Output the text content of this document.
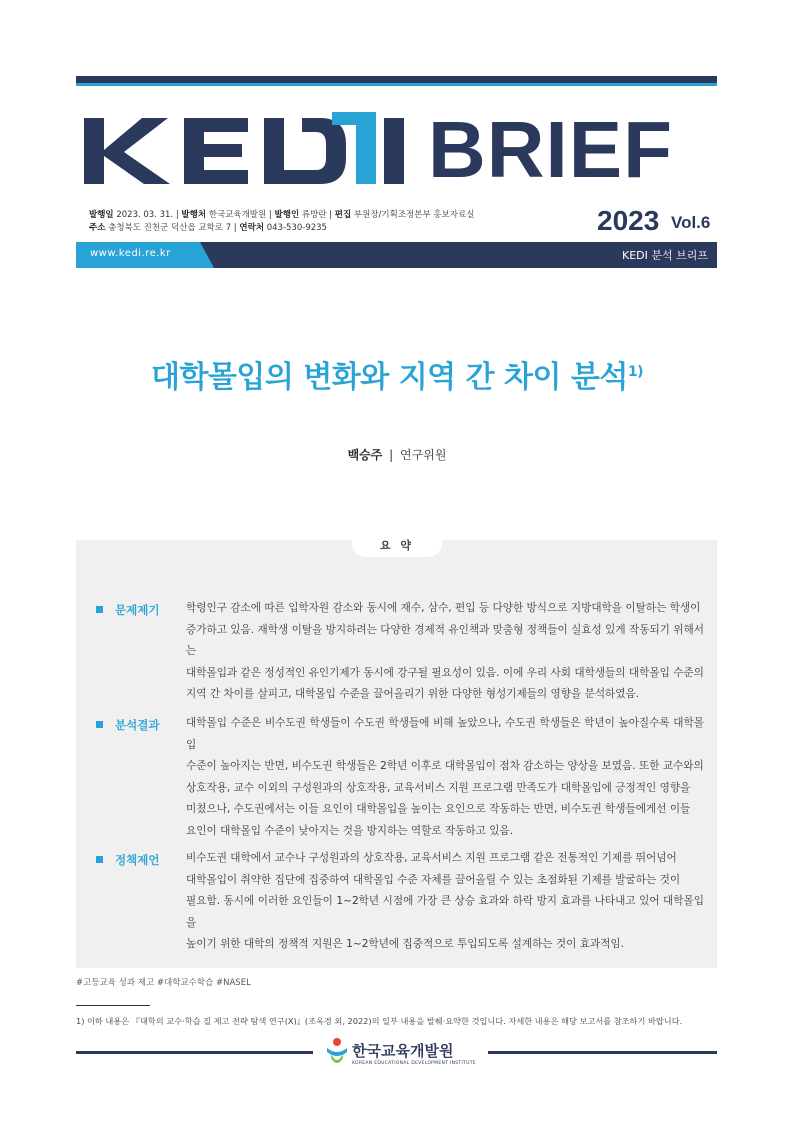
BRIEF
발행일 2023. 03. 31. | 발행처 한국교육개발원 | 발행인 류방란 | 편집 부원장/기획조정본부 홍보자료실
주소 충청북도 진천군 덕산읍 교학로 7 | 연락처 043-530-9235	2023 Vol.6
www.kedi.re.kr	KEDI 분석 브리프
대학몰입의 변화와 지역 간 차이 분석$^{1)}$
백승주 | 연구위원
요 약
문제제기	학령인구 감소에 따른 입학자원 감소와 동시에 재수, 삼수, 편입 등 다양한 방식으로 지방대학을 이탈하는 학생이
증가하고 있음. 재학생 이탈을 방지하려는 다양한 경제적 유인책과 맞춤형 정책들이 실효성 있게 작동되기 위해서는
대학몰입과 같은 정성적인 유인기제가 동시에 강구될 필요성이 있음. 이에 우리 사회 대학생들의 대학몰입 수준의
지역 간 차이를 살피고, 대학몰입 수준을 끌어올리기 위한 다양한 형성기제들의 영향을 분석하였음.
분석결과	대학몰입 수준은 비수도권 학생들이 수도권 학생들에 비해 높았으나, 수도권 학생들은 학년이 높아질수록 대학몰입
수준이 높아지는 반면, 비수도권 학생들은 2학년 이후로 대학몰입이 점차 감소하는 양상을 보였음. 또한 교수와의
상호작용, 교수 이외의 구성원과의 상호작용, 교육서비스 지원 프로그램 만족도가 대학몰입에 긍정적인 영향을
미쳤으나, 수도권에서는 이들 요인이 대학몰입을 높이는 요인으로 작동하는 반면, 비수도권 학생들에게선 이들
요인이 대학몰입 수준이 낮아지는 것을 방지하는 역할로 작동하고 있음.
정책제언	비수도권 대학에서 교수나 구성원과의 상호작용, 교육서비스 지원 프로그램 같은 전통적인 기제를 뛰어넘어
대학몰입이 취약한 집단에 집중하여 대학몰입 수준 자체를 끌어올릴 수 있는 초점화된 기제를 발굴하는 것이
필요함. 동시에 이러한 요인들이 1~2학년 시점에 가장 큰 상승 효과와 하락 방지 효과를 나타내고 있어 대학몰입을
높이기 위한 대학의 정책적 지원은 1~2학년에 집중적으로 투입되도록 설계하는 것이 효과적임.
#고등교육 성과 제고 #대학교수학습 #NASEL
1) 이하 내용은 『대학의 교수·학습 질 제고 전략 탐색 연구(Ⅹ)』(조옥경 외, 2022)의 일부 내용을 발췌·요약한 것입니다. 자세한 내용은 해당 보고서를 참조하기 바랍니다.
한국교육개발원
KOREAN EDUCATIONAL DEVELOPMENT INSTITUTE
